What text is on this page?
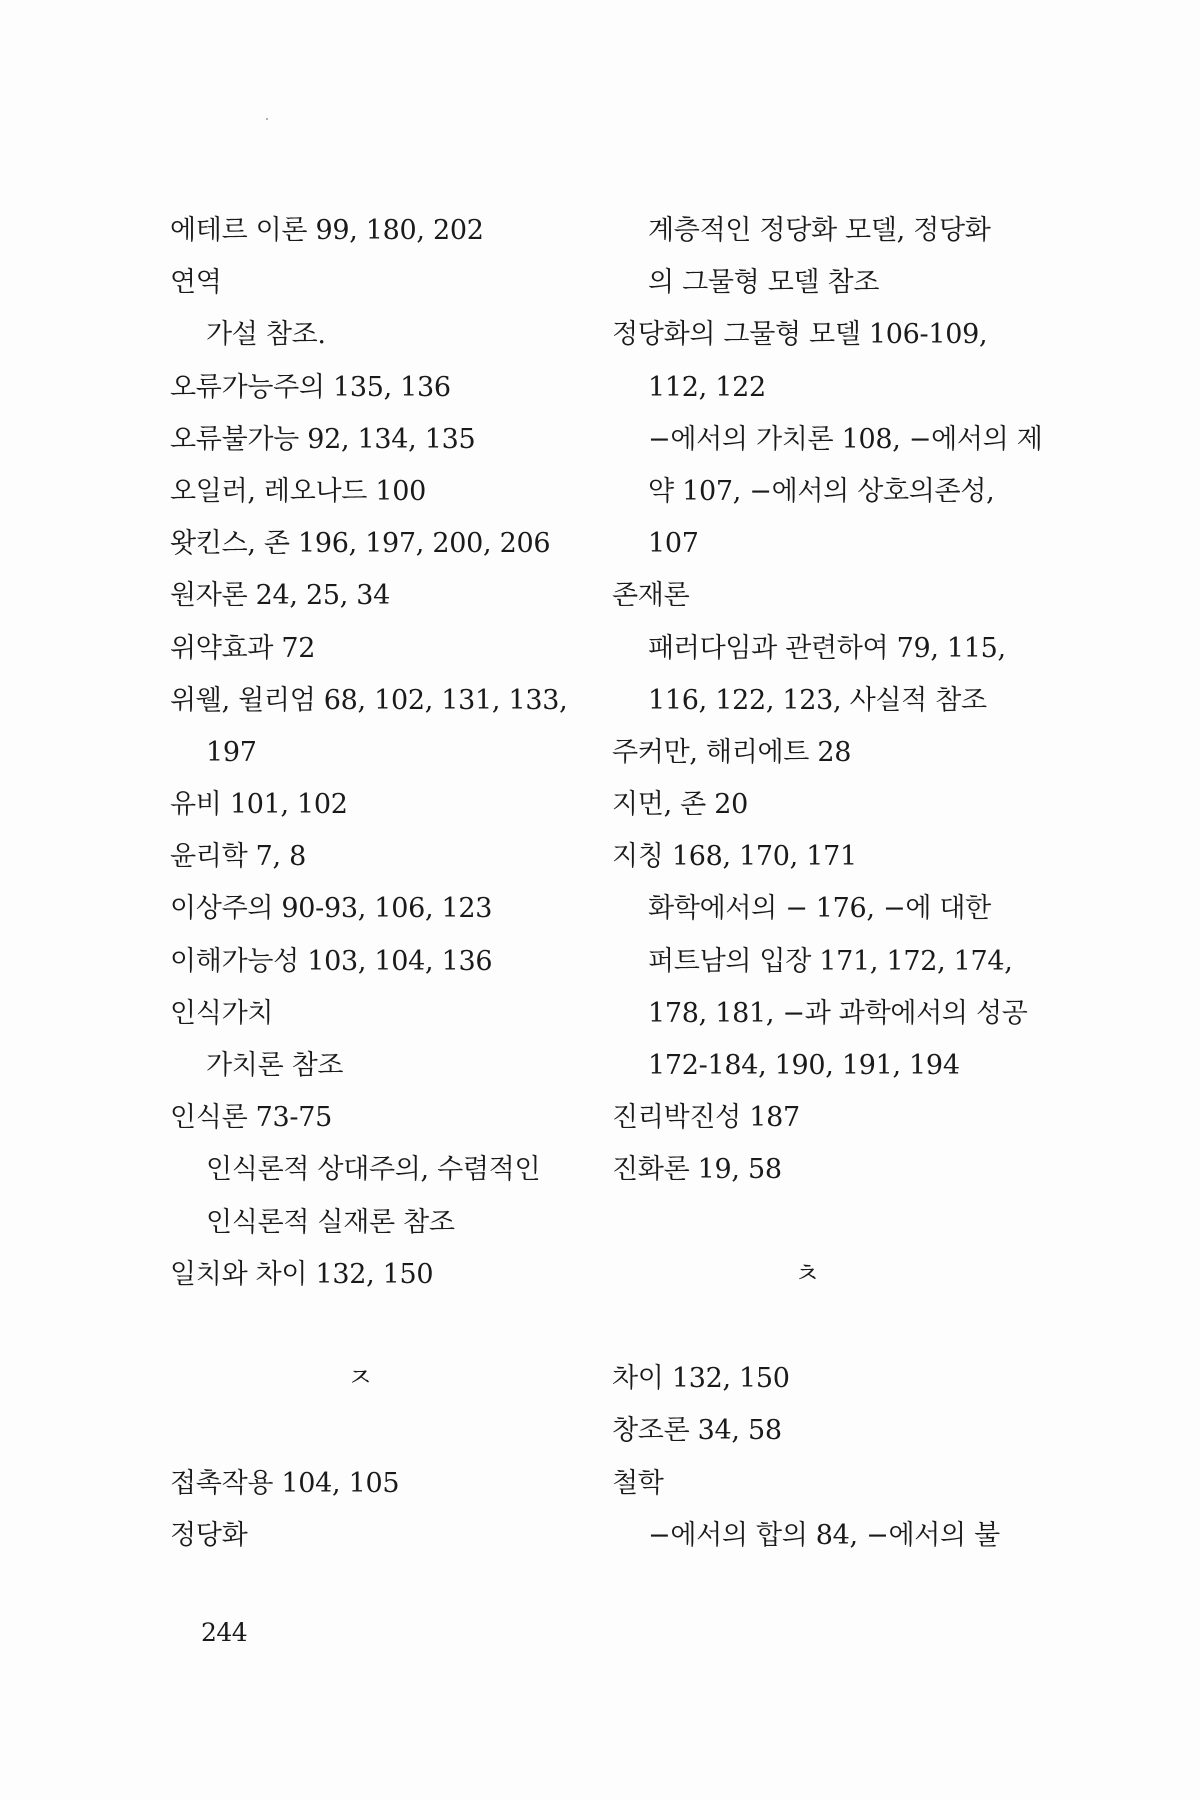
에테르 이론 99, 180, 202
연역
가설 참조.
오류가능주의 135, 136
오류불가능 92, 134, 135
오일러, 레오나드 100
왓킨스, 존 196, 197, 200, 206
원자론 24, 25, 34
위약효과 72
위웰, 윌리엄 68, 102, 131, 133,
197
유비 101, 102
윤리학 7, 8
이상주의 90-93, 106, 123
이해가능성 103, 104, 136
인식가치
가치론 참조
인식론 73-75
인식론적 상대주의, 수렴적인
인식론적 실재론 참조
일치와 차이 132, 150
ㅈ
접촉작용 104, 105
정당화
계층적인 정당화 모델, 정당화
의 그물형 모델 참조
정당화의 그물형 모델 106-109,
112, 122
−에서의 가치론 108, −에서의 제
약 107, −에서의 상호의존성,
107
존재론
패러다임과 관련하여 79, 115,
116, 122, 123, 사실적 참조
주커만, 해리에트 28
지먼, 존 20
지칭 168, 170, 171
화학에서의 − 176, −에 대한
퍼트남의 입장 171, 172, 174,
178, 181, −과 과학에서의 성공
172-184, 190, 191, 194
진리박진성 187
진화론 19, 58
ㅊ
차이 132, 150
창조론 34, 58
철학
−에서의 합의 84, −에서의 불
244
